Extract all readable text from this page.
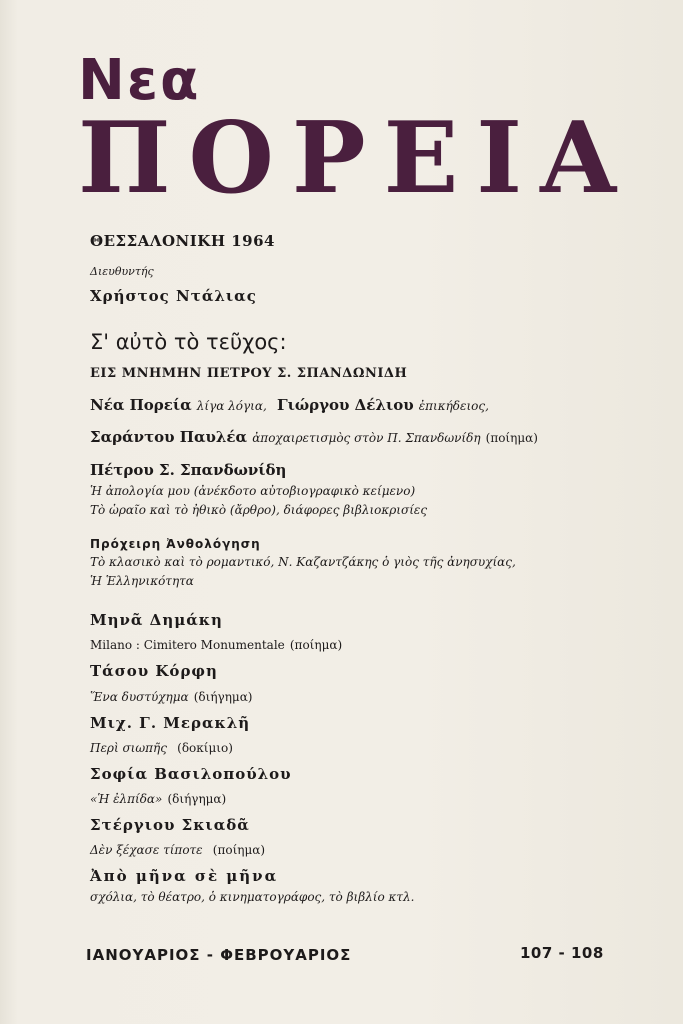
Νεα
ΠΟΡΕΙΑ
ΘΕΣΣΑΛΟΝΙΚΗ 1964
Διευθυντής
Χρήστος Ντάλιας
Σ' αὐτὸ τὸ τεῦχος:
ΕΙΣ ΜΝΗΜΗΝ ΠΕΤΡΟΥ Σ. ΣΠΑΝΔΩΝΙΔΗ
Νέα Πορεία λίγα λόγια, Γιώργου Δέλιου ἐπικήδειος,
Σαράντου Παυλέα ἀποχαιρετισμὸς στὸν Π. Σπανδωνίδη (ποίημα)
Πέτρου Σ. Σπανδωνίδη
Ἡ ἀπολογία μου (ἀνέκδοτο αὐτοβιογραφικὸ κείμενο)
Τὸ ὡραῖο καὶ τὸ ἠθικὸ (ἄρθρο), διάφορες βιβλιοκρισίες
Πρόχειρη Ἀνθολόγηση
Τὸ κλασικὸ καὶ τὸ ρομαντικό, Ν. Καζαντζάκης ὁ γιὸς τῆς ἀνησυχίας,
Ἡ Ἑλληνικότητα
Μηνᾶ Δημάκη
Milano : Cimitero Monumentale (ποίημα)
Τάσου Κόρφη
Ἕνα δυστύχημα (διήγημα)
Μιχ. Γ. Μερακλῆ
Περὶ σιωπῆς (δοκίμιο)
Σοφία Βασιλοπούλου
«Ἡ ἐλπίδα» (διήγημα)
Στέργιου Σκιαδᾶ
Δὲν ξέχασε τίποτε (ποίημα)
Ἀπὸ μῆνα σὲ μῆνα
σχόλια, τὸ θέατρο, ὁ κινηματογράφος, τὸ βιβλίο κτλ.
ΙΑΝΟΥΑΡΙΟΣ - ΦΕΒΡΟΥΑΡΙΟΣ	107 - 108
